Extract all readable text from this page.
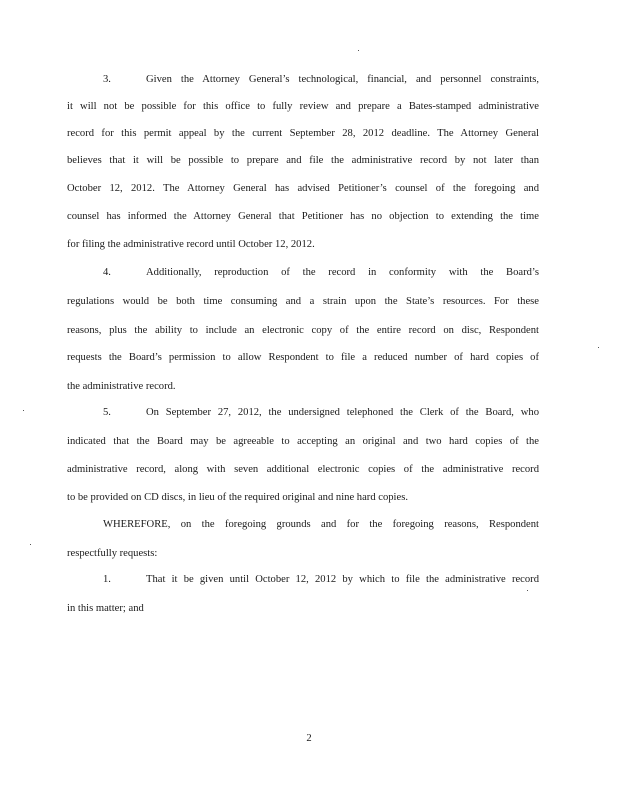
3.	Given the Attorney General’s technological, financial, and personnel constraints,
it will not be possible for this office to fully review and prepare a Bates-stamped administrative
record for this permit appeal by the current September 28, 2012 deadline. The Attorney General
believes that it will be possible to prepare and file the administrative record by not later than
October 12, 2012. The Attorney General has advised Petitioner’s counsel of the foregoing and
counsel has informed the Attorney General that Petitioner has no objection to extending the time
for filing the administrative record until October 12, 2012.
4.	Additionally, reproduction of the record in conformity with the Board’s
regulations would be both time consuming and a strain upon the State’s resources. For these
reasons, plus the ability to include an electronic copy of the entire record on disc, Respondent
requests the Board’s permission to allow Respondent to file a reduced number of hard copies of
the administrative record.
5.	On September 27, 2012, the undersigned telephoned the Clerk of the Board, who
indicated that the Board may be agreeable to accepting an original and two hard copies of the
administrative record, along with seven additional electronic copies of the administrative record
to be provided on CD discs, in lieu of the required original and nine hard copies.
WHEREFORE, on the foregoing grounds and for the foregoing reasons, Respondent
respectfully requests:
1.	That it be given until October 12, 2012 by which to file the administrative record
in this matter; and
2
